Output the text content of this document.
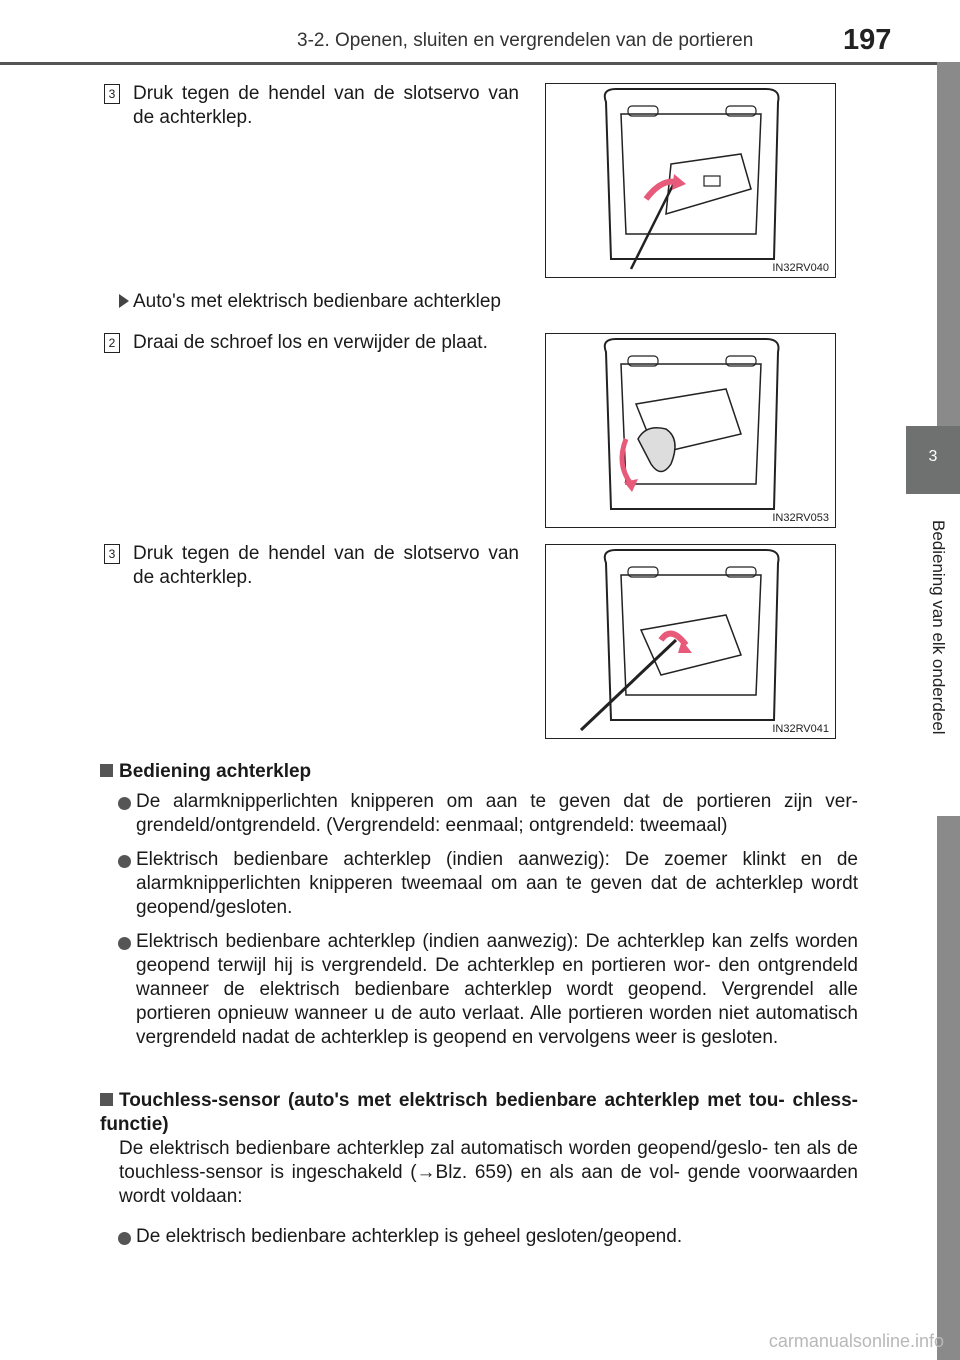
3-2. Openen, sluiten en vergrendelen van de portieren	197
3
Bediening van elk onderdeel
3 Druk tegen de hendel van de slotservo van de achterklep.
IN32RV040
Auto's met elektrisch bedienbare achterklep
2 Draai de schroef los en verwijder de plaat.
IN32RV053
3 Druk tegen de hendel van de slotservo van de achterklep.
IN32RV041
Bediening achterklep
De alarmknipperlichten knipperen om aan te geven dat de portieren zijn ver- grendeld/ontgrendeld. (Vergrendeld: eenmaal; ontgrendeld: tweemaal)
Elektrisch bedienbare achterklep (indien aanwezig): De zoemer klinkt en de alarmknipperlichten knipperen tweemaal om aan te geven dat de achterklep wordt geopend/gesloten.
Elektrisch bedienbare achterklep (indien aanwezig): De achterklep kan zelfs worden geopend terwijl hij is vergrendeld. De achterklep en portieren wor- den ontgrendeld wanneer de elektrisch bedienbare achterklep wordt geopend. Vergrendel alle portieren opnieuw wanneer u de auto verlaat. Alle portieren worden niet automatisch vergrendeld nadat de achterklep is geopend en vervolgens weer is gesloten.
Touchless-sensor (auto's met elektrisch bedienbare achterklep met tou- chless-functie)
De elektrisch bedienbare achterklep zal automatisch worden geopend/geslo- ten als de touchless-sensor is ingeschakeld (→Blz. 659) en als aan de vol- gende voorwaarden wordt voldaan:
De elektrisch bedienbare achterklep is geheel gesloten/geopend.
carmanualsonline.info
